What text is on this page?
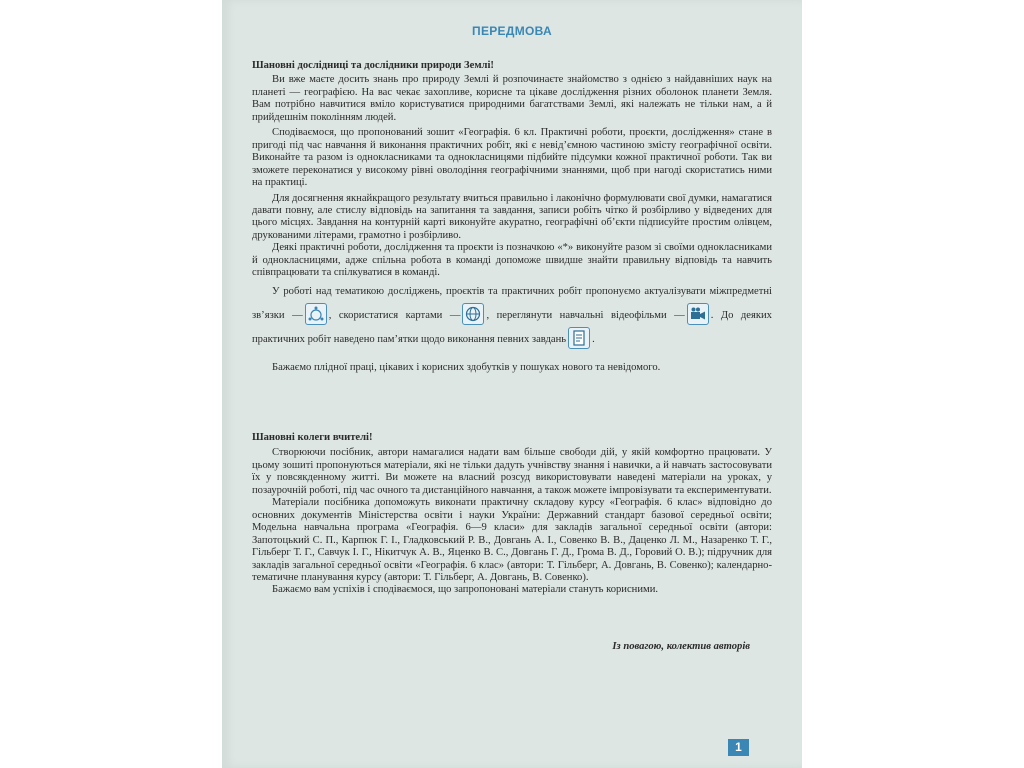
ПЕРЕДМОВА

Шановні дослідниці та дослідники природи Землі!

Ви вже маєте досить знань про природу Землі й розпочинаєте знайомство з однією з найдавніших наук на планеті — географією. На вас чекає захопливе, корисне та цікаве дослідження різних оболонок планети Земля. Вам потрібно навчитися вміло користуватися природними багатствами Землі, які належать не тільки нам, а й прийдешнім поколінням людей.

Сподіваємося, що пропонований зошит «Географія. 6 кл. Практичні роботи, проєкти, дослідження» стане в пригоді під час навчання й виконання практичних робіт, які є невід’ємною частиною змісту географічної освіти. Виконайте та разом із однокласниками та однокласницями підбийте підсумки кожної практичної роботи. Так ви зможете переконатися у високому рівні оволодіння географічними знаннями, щоб при нагоді скористатись ними на практиці.

Для досягнення якнайкращого результату вчиться правильно і лаконічно формулювати свої думки, намагатися давати повну, але стислу відповідь на запитання та завдання, записи робіть чітко й розбірливо у відведених для цього місцях. Завдання на контурній карті виконуйте акуратно, географічні об’єкти підписуйте простим олівцем, друкованими літерами, грамотно і розбірливо.

Деякі практичні роботи, дослідження та проєкти із позначкою «*» виконуйте разом зі своїми однокласниками й однокласницями, адже спільна робота в команді допоможе швидше знайти правильну відповідь та навчить співпрацювати та спілкуватися в команді.

У роботі над тематикою досліджень, проєктів та практичних робіт пропонуємо актуалізувати міжпредметні зв’язки — , скористатися картами — , переглянути навчальні відеофільми — . До деяких практичних робіт наведено пам’ятки щодо виконання певних завдань .

Бажаємо плідної праці, цікавих і корисних здобутків у пошуках нового та невідомого.

Шановні колеги вчителі!

Створюючи посібник, автори намагалися надати вам більше свободи дій, у якій комфортно працювати. У цьому зошиті пропонуються матеріали, які не тільки дадуть учнівству знання і навички, а й навчать застосовувати їх у повсякденному житті. Ви можете на власний розсуд використовувати наведені матеріали на уроках, у позаурочній роботі, під час очного та дистанційного навчання, а також можете імпровізувати та експериментувати.

Матеріали посібника допоможуть виконати практичну складову курсу «Географія. 6 клас» відповідно до основних документів Міністерства освіти і науки України: Державний стандарт базової середньої освіти; Модельна навчальна програма «Географія. 6—9 класи» для закладів загальної середньої освіти (автори: Запотоцький С. П., Карпюк Г. І., Гладковський Р. В., Довгань А. І., Совенко В. В., Даценко Л. М., Назаренко Т. Г., Гільберг Т. Г., Савчук І. Г., Нікитчук А. В., Яценко В. С., Довгань Г. Д., Грома В. Д., Горовий О. В.); підручник для закладів загальної середньої освіти «Географія. 6 клас» (автори: Т. Гільберг, А. Довгань, В. Совенко); календарно-тематичне планування курсу (автори: Т. Гільберг, А. Довгань, В. Совенко).

Бажаємо вам успіхів і сподіваємося, що запропоновані матеріали стануть корисними.

Із повагою, колектив авторів
1
